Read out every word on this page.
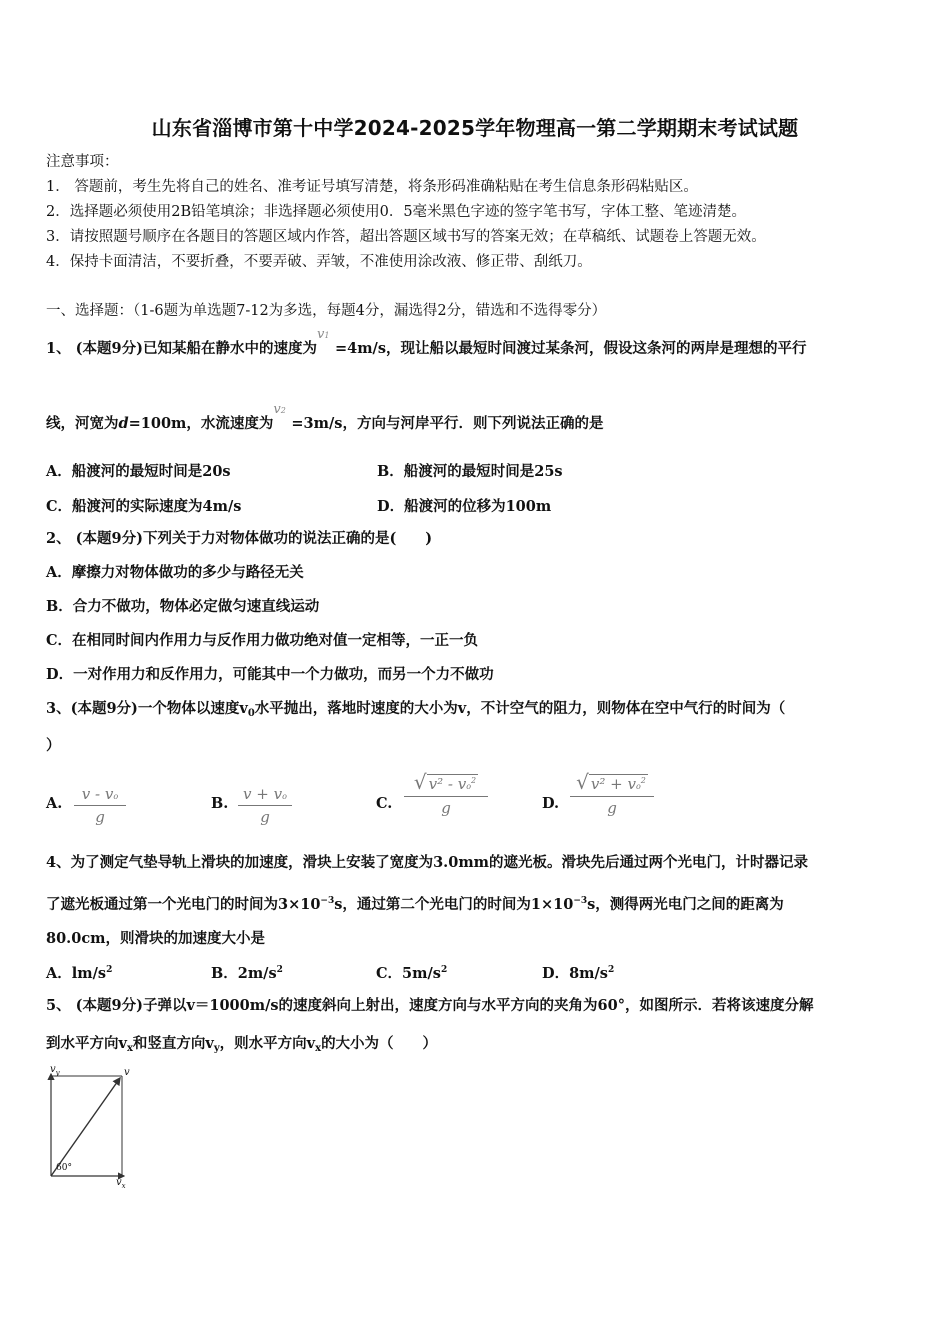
山东省淄博市第十中学2024-2025学年物理高一第二学期期末考试试题
注意事项：
1． 答题前，考生先将自己的姓名、准考证号填写清楚，将条形码准确粘贴在考生信息条形码粘贴区。
2．选择题必须使用2B铅笔填涂；非选择题必须使用0．5毫米黑色字迹的签字笔书写，字体工整、笔迹清楚。
3．请按照题号顺序在各题目的答题区域内作答，超出答题区域书写的答案无效；在草稿纸、试题卷上答题无效。
4．保持卡面清洁，不要折叠，不要弄破、弄皱，不准使用涂改液、修正带、刮纸刀。
一、选择题：（1-6题为单选题7-12为多选，每题4分，漏选得2分，错选和不选得零分）
1、 (本题9分)已知某船在静水中的速度为
v1
=4m/s，现让船以最短时间渡过某条河，假设这条河的两岸是理想的平行
线，河宽为d=100m，水流速度为
v2
=3m/s，方向与河岸平行．则下列说法正确的是
A．船渡河的最短时间是20s	B．船渡河的最短时间是25s
C．船渡河的实际速度为4m/s	D．船渡河的位移为100m
2、 (本题9分)下列关于力对物体做功的说法正确的是(　　)
A．摩擦力对物体做功的多少与路径无关
B．合力不做功，物体必定做匀速直线运动
C．在相同时间内作用力与反作用力做功绝对值一定相等，一正一负
D．一对作用力和反作用力，可能其中一个力做功，而另一个力不做功
3、(本题9分)一个物体以速度$v_0$水平抛出，落地时速度的大小为v，不计空气的阻力，则物体在空中气行的时间为（
）
A.
v - vo
g
B.
v + vo
g
C.
√ $v^2 - vo^2$
g	D.
√ $v^2 + vo^2$
g
4、为了测定气垫导轨上滑块的加速度，滑块上安装了宽度为3.0mm的遮光板。滑块先后通过两个光电门，计时器记录
了遮光板通过第一个光电门的时间为$3\times 10^{-3}s$，通过第二个光电门的时间为$1\times 10^{-3}s$，测得两光电门之间的距离为
80.0cm，则滑块的加速度大小是
A．$lm/s^2$	B．$2m/s^2$	C．$5m/s^2$	D．$8m/s^2$
5、 (本题9分)子弹以v＝1000m/s的速度斜向上射出，速度方向与水平方向的夹角为60°，如图所示．若将该速度分解
到水平方向$v_x$和竖直方向$v_y$，则水平方向$v_x$的大小为（　　）
$v_y$	v
$v_x$
60°
